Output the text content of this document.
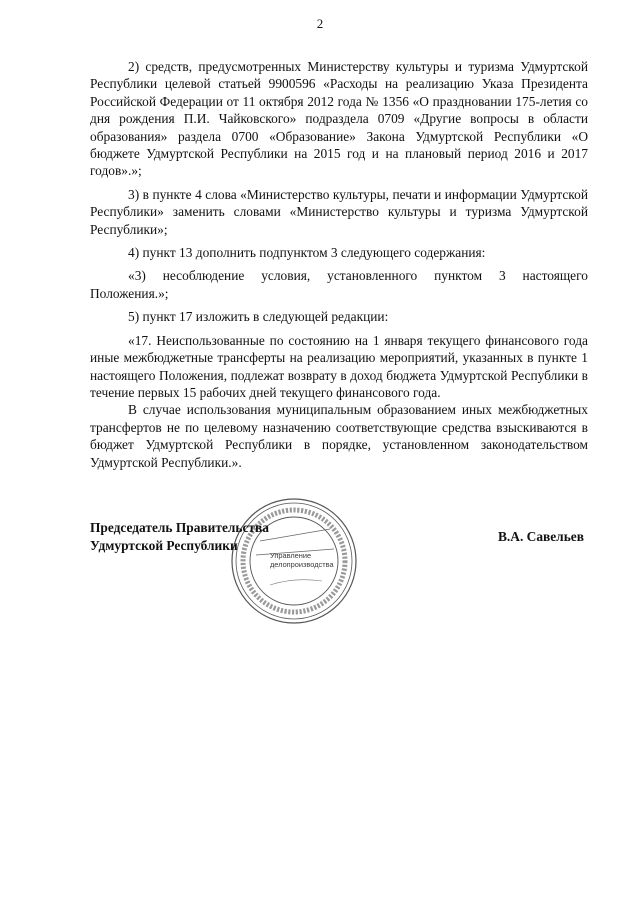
2

2) средств, предусмотренных Министерству культуры и туризма Удмуртской Республики целевой статьей 9900596 «Расходы на реализацию Указа Президента Российской Федерации от 11 октября 2012 года № 1356 «О праздновании 175-летия со дня рождения П.И. Чайковского» подраздела 0709 «Другие вопросы в области образования» раздела 0700 «Образование» Закона Удмуртской Республики «О бюджете Удмуртской Республики на 2015 год и на плановый период 2016 и 2017 годов».»;

3) в пункте 4 слова «Министерство культуры, печати и информации Удмуртской Республики» заменить словами «Министерство культуры и туризма Удмуртской Республики»;

4) пункт 13 дополнить подпунктом 3 следующего содержания:

«3) несоблюдение условия, установленного пунктом 3 настоящего Положения.»;

5) пункт 17 изложить в следующей редакции:

«17. Неиспользованные по состоянию на 1 января текущего финансового года иные межбюджетные трансферты на реализацию мероприятий, указанных в пункте 1 настоящего Положения, подлежат возврату в доход бюджета Удмуртской Республики в течение первых 15 рабочих дней текущего финансового года.

В случае использования муниципальным образованием иных межбюджетных трансфертов не по целевому назначению соответствующие средства взыскиваются в бюджет Удмуртской Республики в порядке, установленном законодательством Удмуртской Республики.».

Управление
делопроизводства
Председатель Правительства
Удмуртской Республики
В.А. Савельев
